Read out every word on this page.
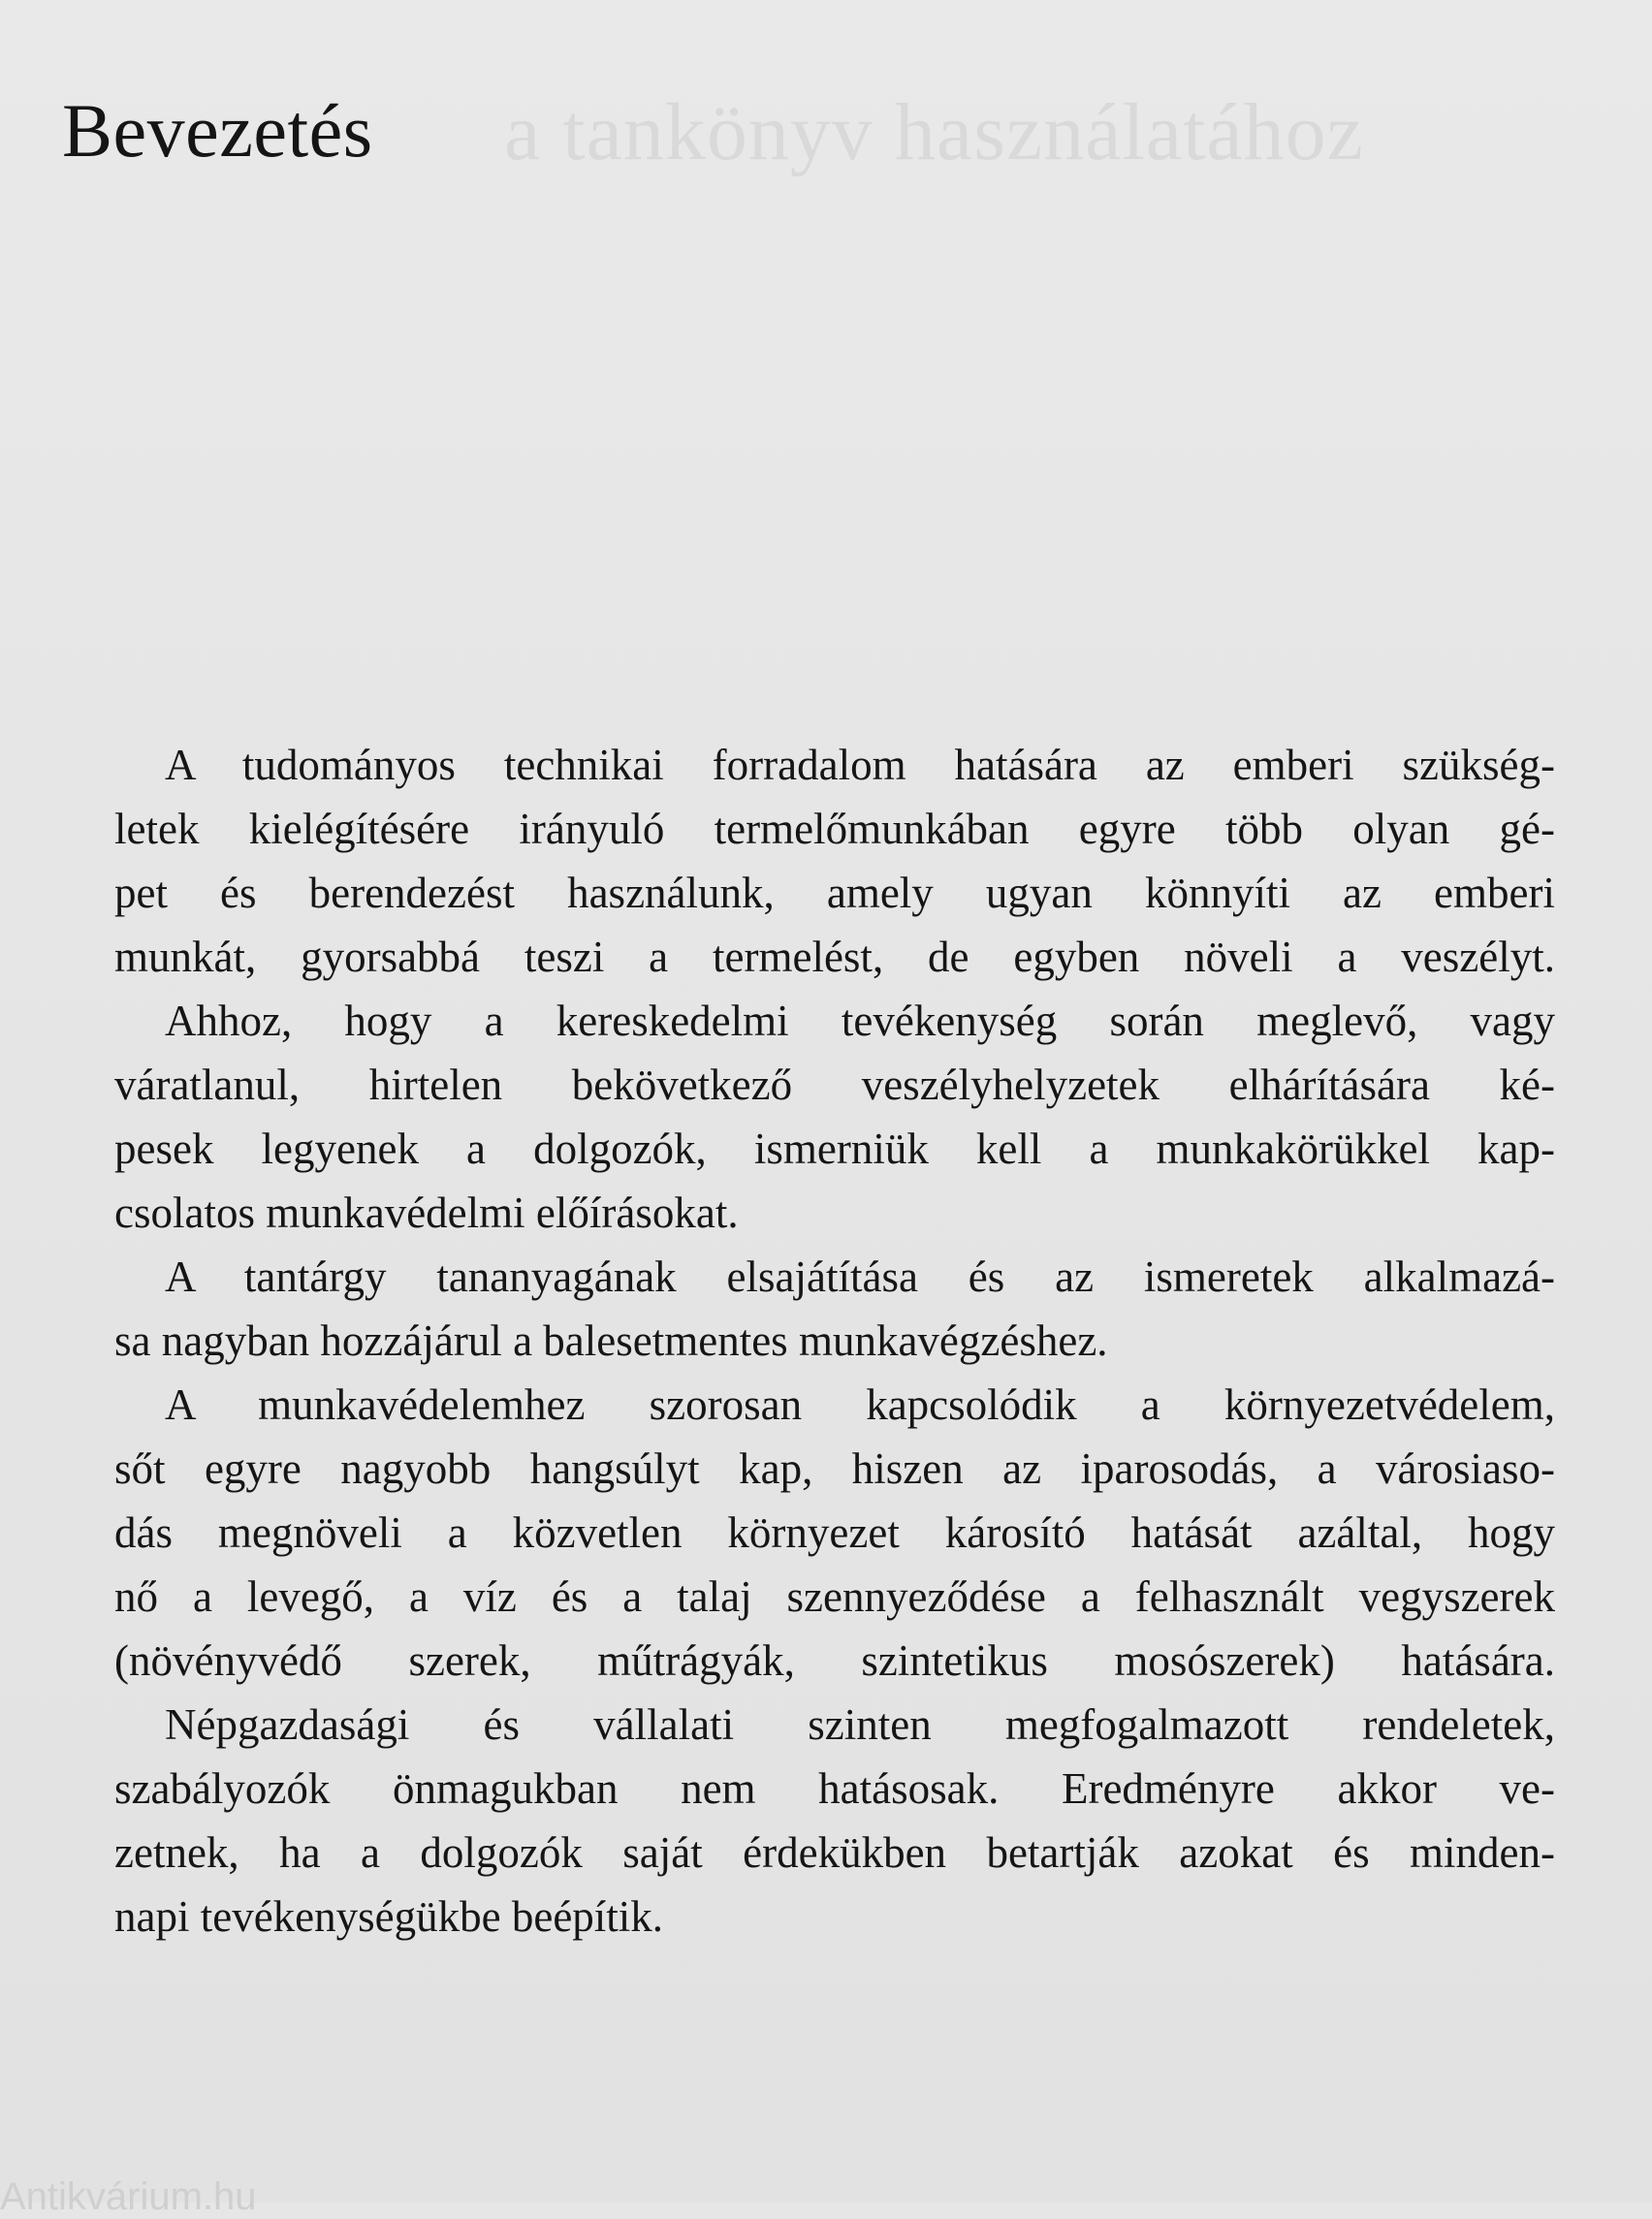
a tankönyv használatához
Bevezetés

A tudományos technikai forradalom hatására az emberi szükség-
letek kielégítésére irányuló termelőmunkában egyre több olyan gé-
pet és berendezést használunk, amely ugyan könnyíti az emberi
munkát, gyorsabbá teszi a termelést, de egyben növeli a veszélyt.

Ahhoz, hogy a kereskedelmi tevékenység során meglevő, vagy
váratlanul, hirtelen bekövetkező veszélyhelyzetek elhárítására ké-
pesek legyenek a dolgozók, ismerniük kell a munkakörükkel kap-
csolatos munkavédelmi előírásokat.

A tantárgy tananyagának elsajátítása és az ismeretek alkalmazá-
sa nagyban hozzájárul a balesetmentes munkavégzéshez.

A munkavédelemhez szorosan kapcsolódik a környezetvédelem,
sőt egyre nagyobb hangsúlyt kap, hiszen az iparosodás, a városiaso-
dás megnöveli a közvetlen környezet károsító hatását azáltal, hogy
nő a levegő, a víz és a talaj szennyeződése a felhasznált vegyszerek
(növényvédő szerek, műtrágyák, szintetikus mosószerek) hatására.

Népgazdasági és vállalati szinten megfogalmazott rendeletek,
szabályozók önmagukban nem hatásosak. Eredményre akkor ve-
zetnek, ha a dolgozók saját érdekükben betartják azokat és minden-
napi tevékenységükbe beépítik.

Antikvárium.hu
